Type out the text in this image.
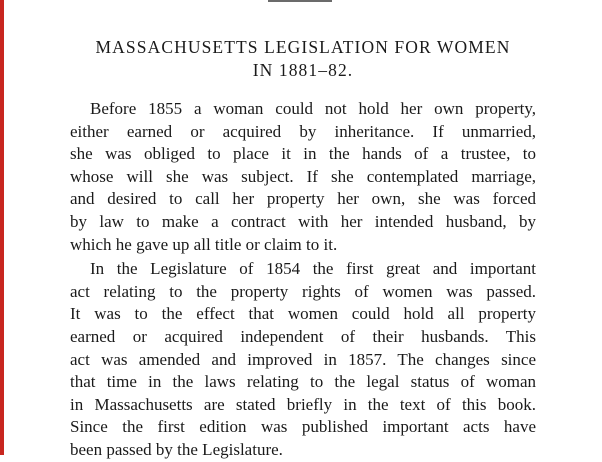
MASSACHUSETTS LEGISLATION FOR WOMEN
IN 1881–82.

Before 1855 a woman could not hold her own property,
either earned or acquired by inheritance. If unmarried,
she was obliged to place it in the hands of a trustee, to
whose will she was subject. If she contemplated marriage,
and desired to call her property her own, she was forced
by law to make a contract with her intended husband, by
which he gave up all title or claim to it.

In the Legislature of 1854 the first great and important
act relating to the property rights of women was passed.
It was to the effect that women could hold all property
earned or acquired independent of their husbands. This
act was amended and improved in 1857. The changes since
that time in the laws relating to the legal status of woman
in Massachusetts are stated briefly in the text of this book.
Since the first edition was published important acts have
been passed by the Legislature.
